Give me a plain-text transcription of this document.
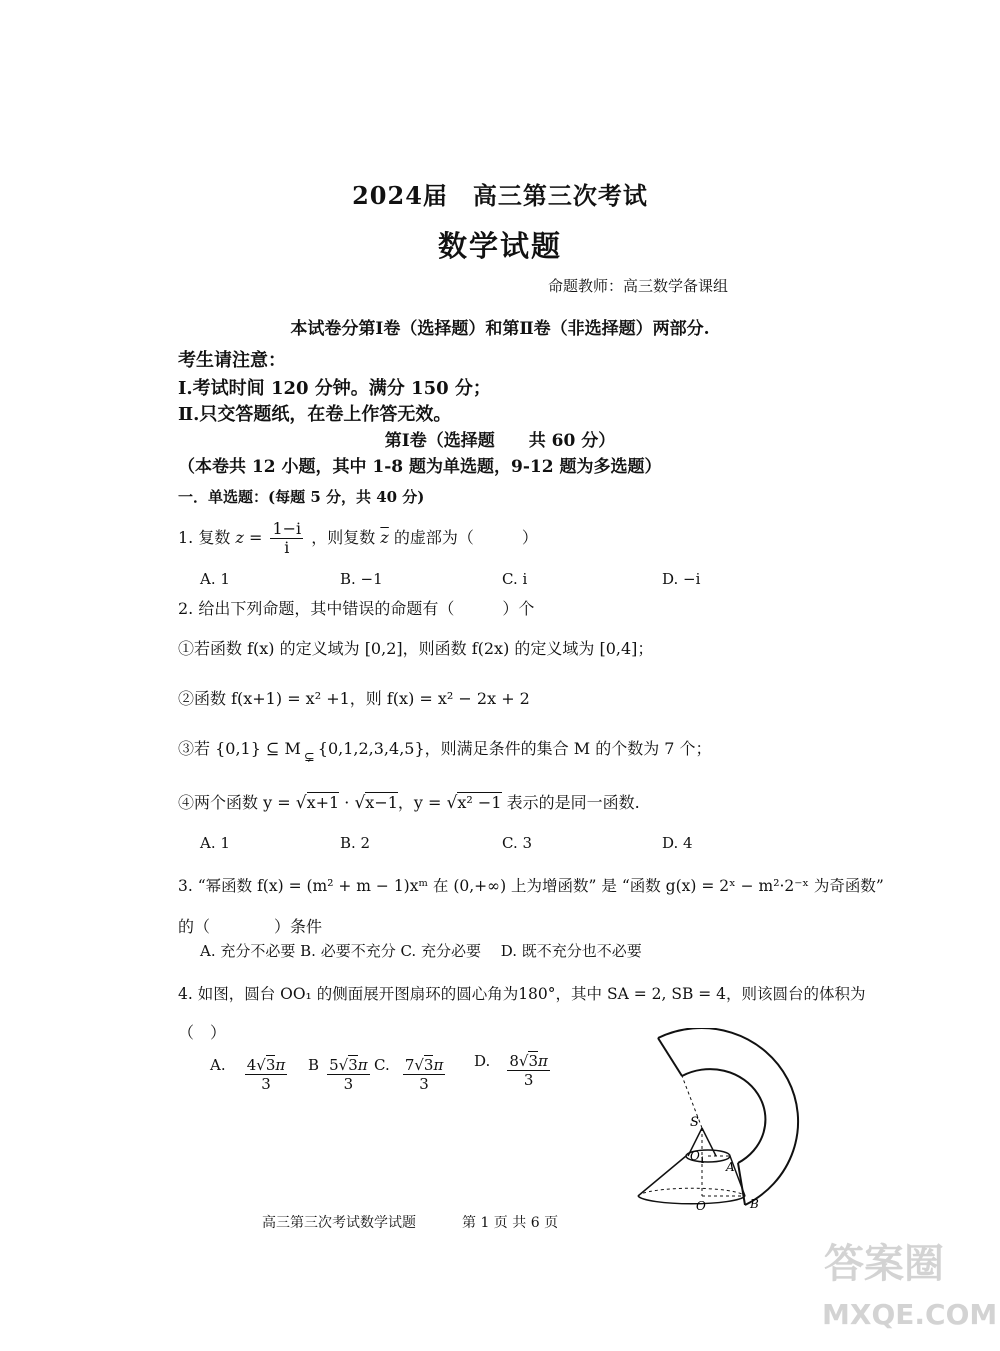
2024届　高三第三次考试
数学试题
命题教师：高三数学备课组
本试卷分第Ⅰ卷（选择题）和第Ⅱ卷（非选择题）两部分.
考生请注意：
Ⅰ.考试时间 120 分钟。满分 150 分；
Ⅱ.只交答题纸，在卷上作答无效。
第Ⅰ卷（选择题　　共 60 分）
（本卷共 12 小题，其中 1-8 题为单选题，9-12 题为多选题）
一．单选题：(每题 5 分，共 40 分)
1. 复数 $z = \frac{1-i}{i}$ ，则复数 $\overline{z}$ 的虚部为（　　　）
A. 1	B. −1	C. i	D. −i
2. 给出下列命题，其中错误的命题有（　　　）个
①若函数 f(x) 的定义域为 [0,2]，则函数 f(2x) 的定义域为 [0,4]；
②函数 f(x+1) = x² +1，则 f(x) = x² − 2x + 2
③若 {0,1} ⊆ M ⊊ {0,1,2,3,4,5}，则满足条件的集合 M 的个数为 7 个；
④两个函数 y = √x+1 · √x−1，y = √x² −1 表示的是同一函数.
A. 1	B. 2	C. 3	D. 4
3. “幂函数 f(x) = (m² + m − 1)xᵐ 在 (0,+∞) 上为增函数” 是 “函数 g(x) = 2ˣ − m²·2⁻ˣ 为奇函数”
的（　　　　）条件
A. 充分不必要 B. 必要不充分 C. 充分必要　 D. 既不充分也不必要
4. 如图，圆台 OO₁ 的侧面展开图扇环的圆心角为180°，其中 SA = 2, SB = 4，则该圆台的体积为
（　）
A. $\frac{4√3\pi}{3}$ B $\frac{5√3\pi}{3} C$. $\frac{7√3\pi}{3} D$. $\frac{8√3\pi}{3}$
S
O 1 A
O	B
高三第三次考试数学试题	第 1 页 共 6 页
答案圈
MXQE.COM
